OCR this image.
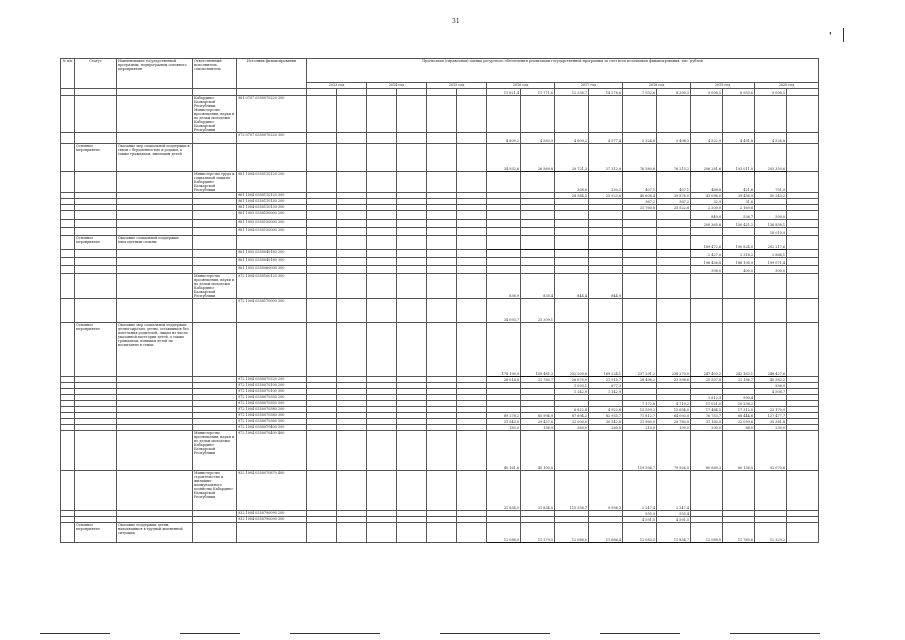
31
'
№ п/п	Статус	Наименование государственной программы, подпрограммы основного мероприятия	Ответственный исполнитель, соисполнитель	Источник финансирования	Прогнозная (справочная) оценка ресурсного обеспечения реализации государственной программы за счет всех источников финансирования, тыс. рублей															
					2013 год		2014 год		2015 год		2016 год		2017 год		2018 год		2019 год		2020 год	
											11 821,4	11 771,6	12 536,7	14 278,6	7 932,6	8 390,3	9 008,5	8 953,6	9 008,5	
			Кабардино-Балкарской Республики, Министерство просвещения, науки и по делам молодежи Кабардино-Балкарской Республики	961 0707 0350070220 300																
				972 0707 0350070220 300							4 609,2	4 583,9	4 609,2	4 577,4	5 324,6	5 498,3	4 522,9	4 491,8	4 526,8	
	Основное мероприятие	Оказание мер социальной поддержки в связи с беременностью и родами, а также гражданам, имеющим детей									34 932,6	26 569,8	29 721,3	27 312,9	76 580,8	76 215,2	206 281,6	193 011,0	205 350,6	
			Министерство труда и социальной защиты Кабардино-Балкарской Республики	961 1004 0350110120 200									308,6	250,2	407,1	407,1	468,8	421,6	751,9	
				961 1004 0350110120 300									28 584,5	25 923,6	40 606,4	39 878,0	43 096,0	39 458,9	50 243,2	
				961 1004 0350110130 200											367,2	367,2	32,9	31,6		
				961 1004 0350110130 300											31 760,8	25 522,8	2 200,0	2 169,6		
				961 1003 0350150000 200													840,0	536,7	500,0	
				961 1003 0350150000 300													200 365,8	150 421,2	136 858,1	
				961 1004 0350150000 300															18 010,9	
	Основное мероприятие	Оказание социальной поддержки многодетным семьям															189 472,6	190 824,0	202 217,6	
				961 1003 0350040180 200													2 427,0	2 316,2	2 866,1	
				961 1003 0350040180 300													196 456,8	188 195,9	199 071,4	
				961 1003 0350060000 300													398,0	400,0	300,0	
			Министерство просвещения, науки и по делам молодежи Кабардино-Балкарской Республики	972 1004 0350100120 300							838,9	835,4	844,4	844,9						
				972 1004 0350170000 300							34 093,7	25 309,1								
	Основное мероприятие	Оказание мер социальной поддержки детям-сиротам, детям, оставшимся без попечения родителей, лицам из числа указанной категории детей, а также гражданам, взявшим детей на воспитание в семьи									178 190,9	159 481,3	252 209,6	169 224,1	237 291,2	238 270,0	247 403,2	242 163,1	248 427,6	
				972 1004 0350070220 200							26 016,6	21 780,7	26 675,0	21 915,7	28 498,2	23 598,6	25 507,8	21 186,7	40 582,2	
				972 1004 0350070100 200									1 093,1	877,3					536,9	
				972 1004 0350070100 300									1 242,9	1 142,9					4 506,7	
				972 1004 0350070350 200													1 812,3	990,4		
				972 1004 0350070350 300											7 172,8	4 719,2	11 021,0	10 236,2		
				972 1004 0350070380 200									6 822,8	4 922,8	15 559,2	15 654,0	17 464,5	17 312,0	22 170,9	
				972 1004 0350070380 300							89 278,2	85 994,9	87 694,2	82 955,7	71 812,7	64 093,0	76 753,7	68 444,6	127 477,7	
				972 1004 0350070360 300							31 040,0	29 457,6	32 000,0	30 542,8	31 960,0	29 780,0	31 160,0	22 099,6	35 381,8	
				972 1004 0350070400 300							183,0	156,9	360,0	260,0	210,0	199,0	200,0	88,0	230,0	
			Министерство просвещения, науки и по делам молодежи Кабардино-Балкарской Республики	972 1004 0350070400 400							40 161,6	40 100,0			119 396,7	79 926,5	80 669,3	80 156,0	92 070,6	
			Министерство строительства и жилищно-коммунального хозяйства Кабардино-Балкарской Республики	932 1004 0350070870 400							21 834,0	21 834,0	115 556,7	9 956,3	2 247,4	2 247,4				
				932 1004 0350790090 200											555,9	555,4				
				932 1004 0350790090 300											4 591,5	4 591,5				
	Основное мероприятие	Оказание поддержки детям, находящимся в трудной жизненной ситуации									12 086,0	11 279,5	12 086,0	11 686,4	12 083,5	11 854,7	12 088,0	11 760,6	12 329,2	
